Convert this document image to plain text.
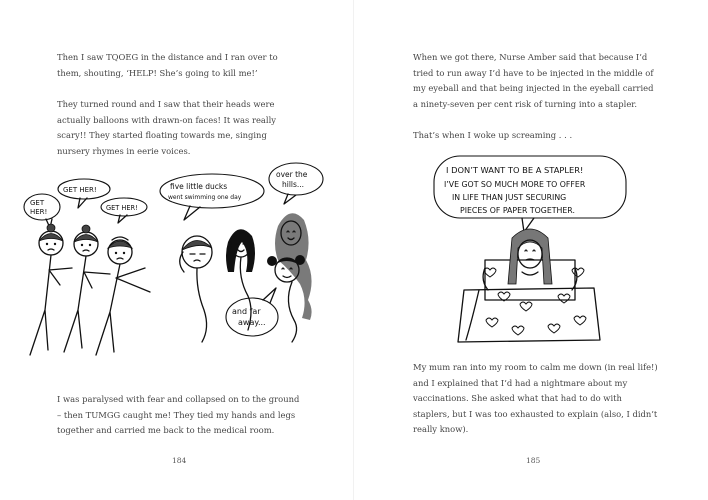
Then I saw TQOEG in the distance and I ran over to them, shouting, ‘HELP! She’s going to kill me!’

They turned round and I saw that their heads were actually balloons with drawn-on faces! It was really scary!! They started floating towards me, singing nursery rhymes in eerie voices.

GET
HER!
GET HER!
GET HER!
five little ducks
went swimming one day
over the
hills...
and far
away...

I was paralysed with fear and collapsed on to the ground – then TUMGG caught me! They tied my hands and legs together and carried me back to the medical room.

184

When we got there, Nurse Amber said that because I’d tried to run away I’d have to be injected in the middle of my eyeball and that being injected in the eyeball carried a ninety-seven per cent risk of turning into a stapler.

That’s when I woke up screaming . . .

I DON’T WANT TO BE A STAPLER!
I’VE GOT SO MUCH MORE TO OFFER
IN LIFE THAN JUST SECURING
PIECES OF PAPER TOGETHER.

My mum ran into my room to calm me down (in real life!) and I explained that I’d had a nightmare about my vaccinations. She asked what that had to do with staplers, but I was too exhausted to explain (also, I didn’t really know).

185
